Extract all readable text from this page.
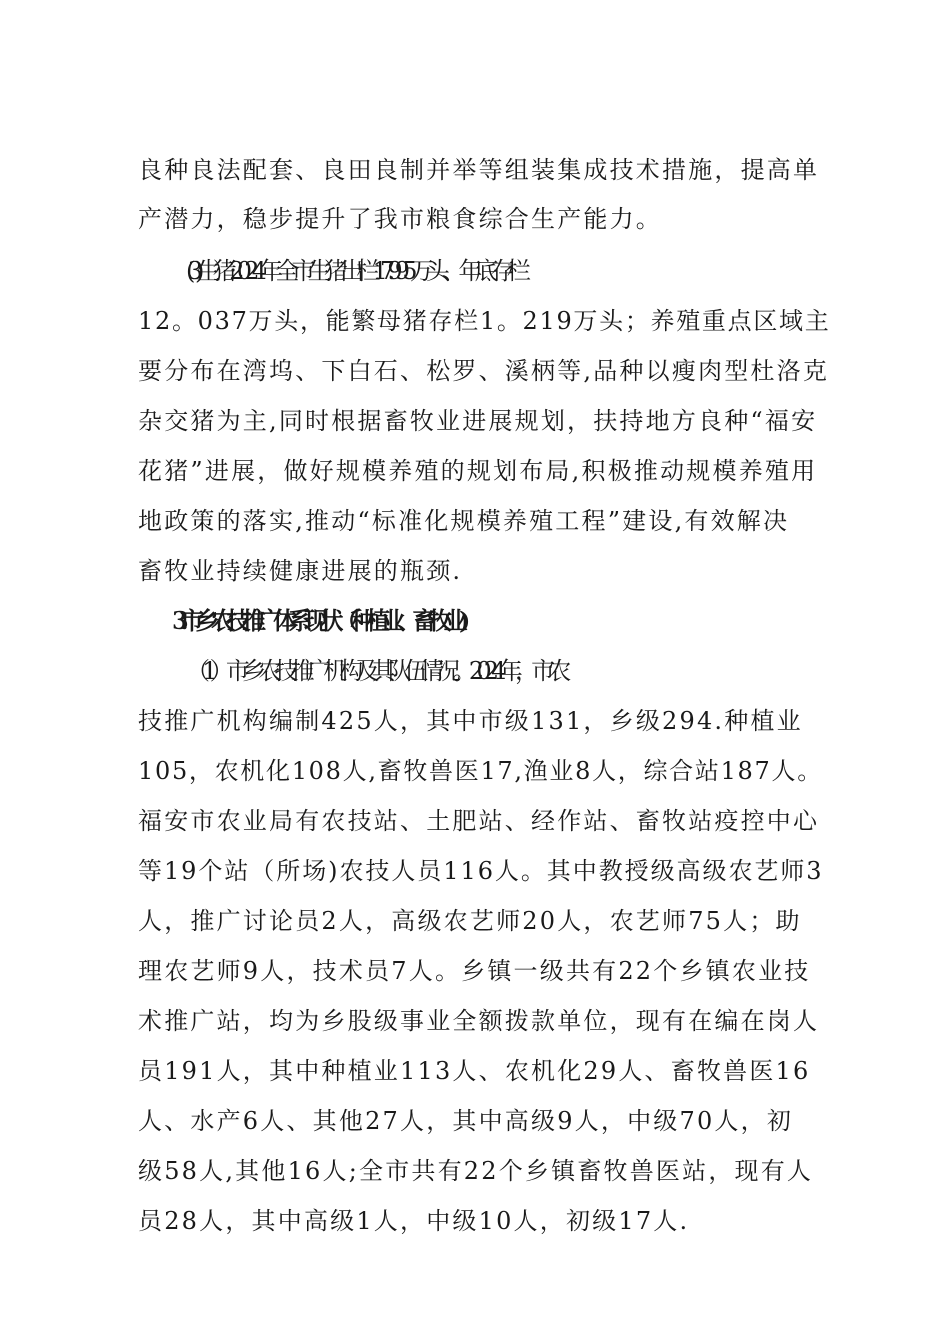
良种良法配套、良田良制并举等组装集成技术措施，提高单
产潜力，稳步提升了我市粮食综合生产能力。
(3)生猪:2024年全市生猪出栏17.995万头、年底存栏
12。037万头，能繁母猪存栏1。219万头；养殖重点区域主
要分布在湾坞、下白石、松罗、溪柄等,品种以瘦肉型杜洛克
杂交猪为主,同时根据畜牧业进展规划，扶持地方良种“福安
花猪”进展，做好规模养殖的规划布局,积极推动规模养殖用
地政策的落实,推动“标准化规模养殖工程”建设,有效解决
畜牧业持续健康进展的瓶颈.
3.市乡农技推广体系现状（种植业、畜牧业)
（1）市乡农技推广机构及其队伍情况。2024年，市农
技推广机构编制425人，其中市级131，乡级294.种植业
105，农机化108人,畜牧兽医17,渔业8人，综合站187人。
福安市农业局有农技站、土肥站、经作站、畜牧站疫控中心
等19个站（所场)农技人员116人。其中教授级高级农艺师3
人，推广讨论员2人，高级农艺师20人，农艺师75人；助
理农艺师9人，技术员7人。乡镇一级共有22个乡镇农业技
术推广站，均为乡股级事业全额拨款单位，现有在编在岗人
员191人，其中种植业113人、农机化29人、畜牧兽医16
人、水产6人、其他27人，其中高级9人，中级70人，初
级58人,其他16人;全市共有22个乡镇畜牧兽医站，现有人
员28人，其中高级1人，中级10人，初级17人.
